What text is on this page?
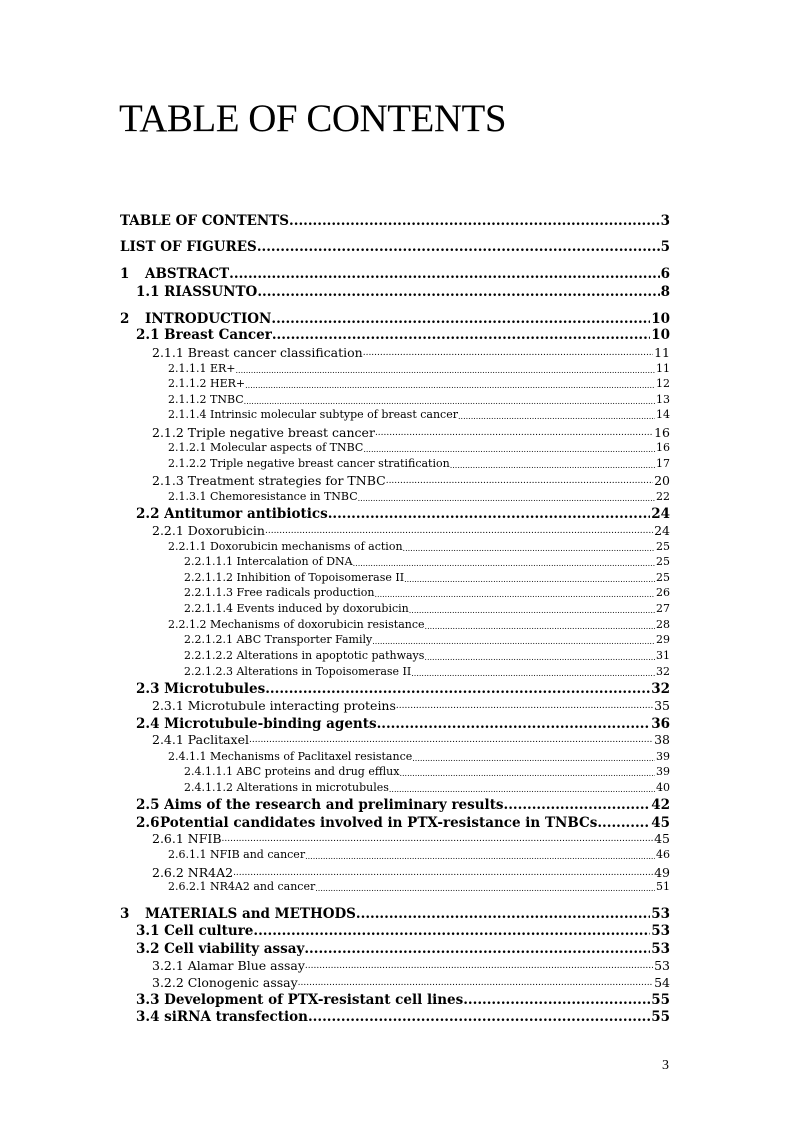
TABLE OF CONTENTS
TABLE OF CONTENTS .....	3
LIST OF FIGURES .....	5
1 ABSTRACT .....	6
1.1 RIASSUNTO .....	8
2 INTRODUCTION .....	10
2.1 Breast Cancer .....	10
2.1.1 Breast cancer classification .....	11
2.1.1.1 ER+ .....	11
2.1.1.2 HER+ .....	12
2.1.1.2 TNBC .....	13
2.1.1.4 Intrinsic molecular subtype of breast cancer .....	14
2.1.2 Triple negative breast cancer .....	16
2.1.2.1 Molecular aspects of TNBC .....	16
2.1.2.2 Triple negative breast cancer stratification .....	17
2.1.3 Treatment strategies for TNBC .....	20
2.1.3.1 Chemoresistance in TNBC .....	22
2.2 Antitumor antibiotics .....	24
2.2.1 Doxorubicin .....	24
2.2.1.1 Doxorubicin mechanisms of action .....	25
2.2.1.1.1 Intercalation of DNA .....	25
2.2.1.1.2 Inhibition of Topoisomerase II .....	25
2.2.1.1.3 Free radicals production .....	26
2.2.1.1.4 Events induced by doxorubicin .....	27
2.2.1.2 Mechanisms of doxorubicin resistance .....	28
2.2.1.2.1 ABC Transporter Family .....	29
2.2.1.2.2 Alterations in apoptotic pathways .....	31
2.2.1.2.3 Alterations in Topoisomerase II .....	32
2.3 Microtubules .....	32
2.3.1 Microtubule interacting proteins .....	35
2.4 Microtubule-binding agents .....	36
2.4.1 Paclitaxel .....	38
2.4.1.1 Mechanisms of Paclitaxel resistance .....	39
2.4.1.1.1 ABC proteins and drug efflux .....	39
2.4.1.1.2 Alterations in microtubules .....	40
2.5 Aims of the research and preliminary results .....	42
2.6Potential candidates involved in PTX-resistance in TNBCs .....	45
2.6.1 NFIB .....	45
2.6.1.1 NFIB and cancer .....	46
2.6.2 NR4A2 .....	49
2.6.2.1 NR4A2 and cancer .....	51
3 MATERIALS and METHODS .....	53
3.1 Cell culture .....	53
3.2 Cell viability assay .....	53
3.2.1 Alamar Blue assay .....	53
3.2.2 Clonogenic assay .....	54
3.3 Development of PTX-resistant cell lines .....	55
3.4 siRNA transfection .....	55
3
